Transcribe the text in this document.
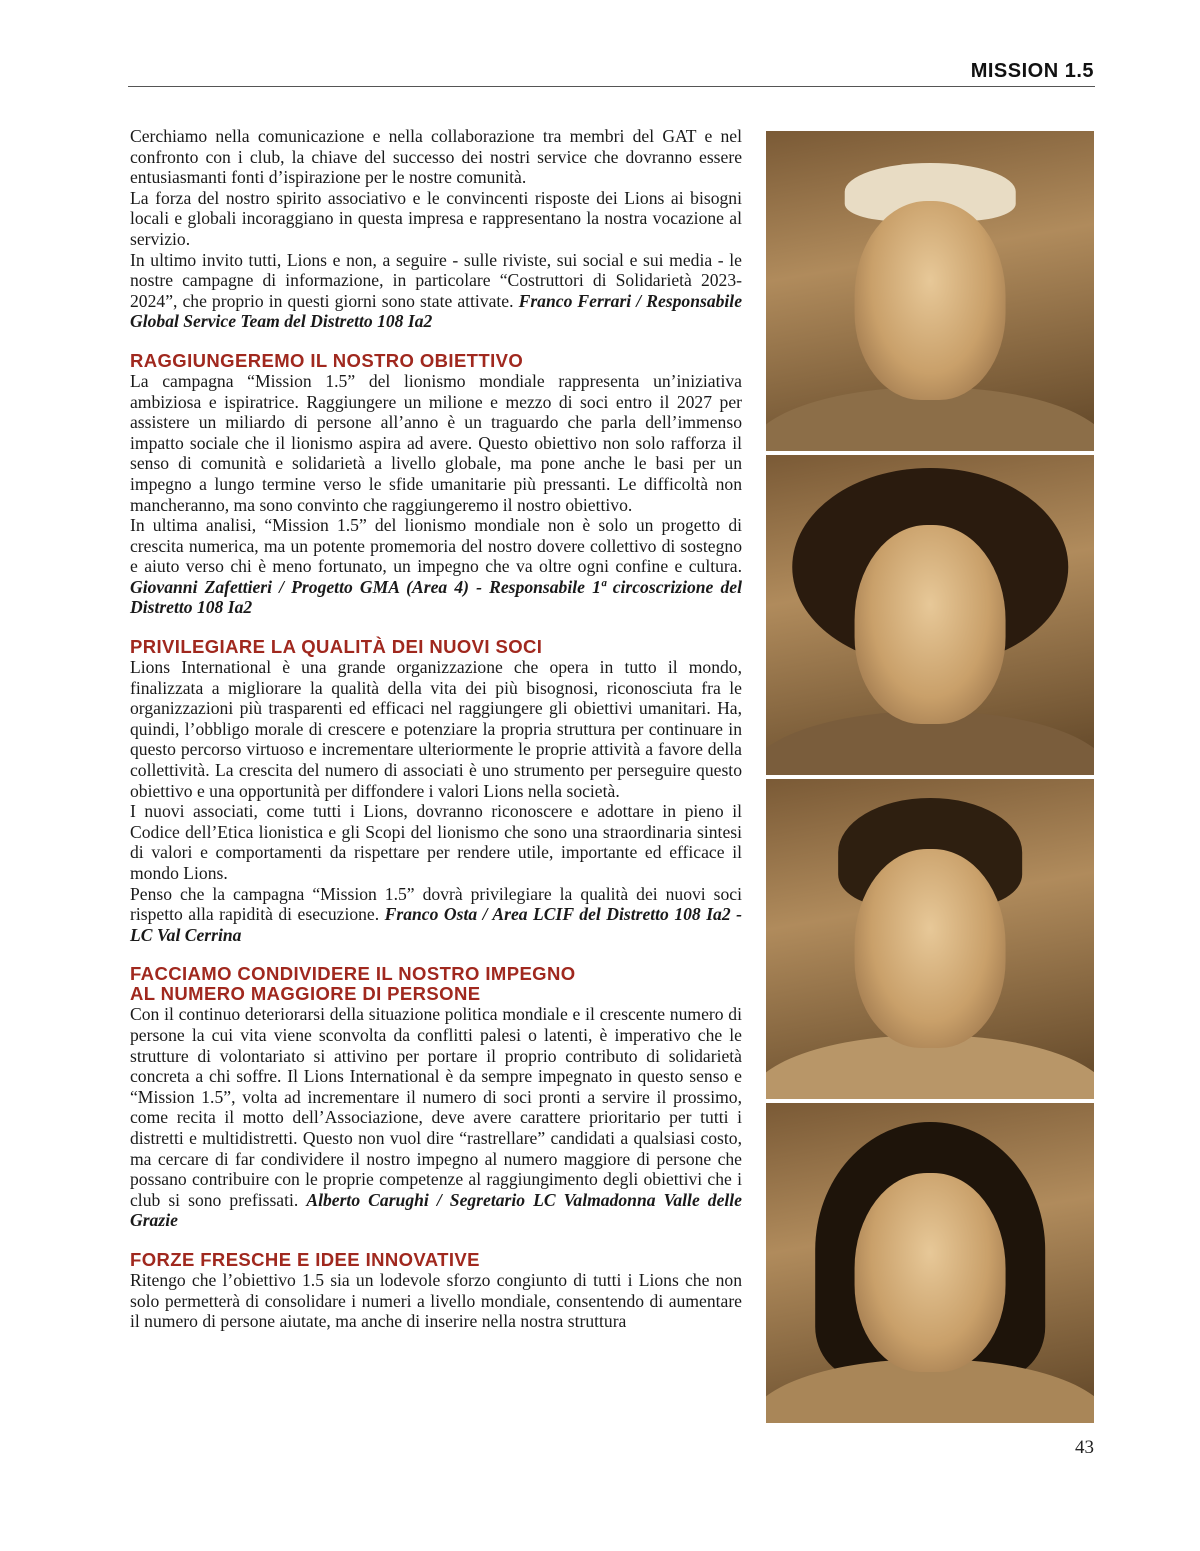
MISSION 1.5

Cerchiamo nella comunicazione e nella collaborazione tra membri del GAT e nel confronto con i club, la chiave del successo dei nostri service che dovranno essere entusiasmanti fonti d’ispirazione per le nostre comunità.

La forza del nostro spirito associativo e le convincenti risposte dei Lions ai bisogni locali e globali incoraggiano in questa impresa e rappresentano la nostra vocazione al servizio.

In ultimo invito tutti, Lions e non, a seguire - sulle riviste, sui social e sui media - le nostre campagne di informazione, in particolare “Costruttori di Solidarietà 2023-2024”, che proprio in questi giorni sono state attivate. Franco Ferrari / Responsabile Global Service Team del Distretto 108 Ia2

RAGGIUNGEREMO IL NOSTRO OBIETTIVO

La campagna “Mission 1.5” del lionismo mondiale rappresenta un’iniziativa ambiziosa e ispiratrice. Raggiungere un milione e mezzo di soci entro il 2027 per assistere un miliardo di persone all’anno è un traguardo che parla dell’immenso impatto sociale che il lionismo aspira ad avere. Questo obiettivo non solo rafforza il senso di comunità e solidarietà a livello globale, ma pone anche le basi per un impegno a lungo termine verso le sfide umanitarie più pressanti. Le difficoltà non mancheranno, ma sono convinto che raggiungeremo il nostro obiettivo.

In ultima analisi, “Mission 1.5” del lionismo mondiale non è solo un progetto di crescita numerica, ma un potente promemoria del nostro dovere collettivo di sostegno e aiuto verso chi è meno fortunato, un impegno che va oltre ogni confine e cultura. Giovanni Zafettieri / Progetto GMA (Area 4) - Responsabile 1ª circoscrizione del Distretto 108 Ia2

PRIVILEGIARE LA QUALITÀ DEI NUOVI SOCI

Lions International è una grande organizzazione che opera in tutto il mondo, finalizzata a migliorare la qualità della vita dei più bisognosi, riconosciuta fra le organizzazioni più trasparenti ed efficaci nel raggiungere gli obiettivi umanitari. Ha, quindi, l’obbligo morale di crescere e potenziare la propria struttura per continuare in questo percorso virtuoso e incrementare ulteriormente le proprie attività a favore della collettività. La crescita del numero di associati è uno strumento per perseguire questo obiettivo e una opportunità per diffondere i valori Lions nella società.

I nuovi associati, come tutti i Lions, dovranno riconoscere e adottare in pieno il Codice dell’Etica lionistica e gli Scopi del lionismo che sono una straordinaria sintesi di valori e comportamenti da rispettare per rendere utile, importante ed efficace il mondo Lions.

Penso che la campagna “Mission 1.5” dovrà privilegiare la qualità dei nuovi soci rispetto alla rapidità di esecuzione. Franco Osta / Area LCIF del Distretto 108 Ia2 - LC Val Cerrina

FACCIAMO CONDIVIDERE IL NOSTRO IMPEGNO
AL NUMERO MAGGIORE DI PERSONE

Con il continuo deteriorarsi della situazione politica mondiale e il crescente numero di persone la cui vita viene sconvolta da conflitti palesi o latenti, è imperativo che le strutture di volontariato si attivino per portare il proprio contributo di solidarietà concreta a chi soffre. Il Lions International è da sempre impegnato in questo senso e “Mission 1.5”, volta ad incrementare il numero di soci pronti a servire il prossimo, come recita il motto dell’Associazione, deve avere carattere prioritario per tutti i distretti e multidistretti. Questo non vuol dire “rastrellare” candidati a qualsiasi costo, ma cercare di far condividere il nostro impegno al numero maggiore di persone che possano contribuire con le proprie competenze al raggiungimento degli obiettivi che i club si sono prefissati. Alberto Carughi / Segretario LC Valmadonna Valle delle Grazie

FORZE FRESCHE E IDEE INNOVATIVE

Ritengo che l’obiettivo 1.5 sia un lodevole sforzo congiunto di tutti i Lions che non solo permetterà di consolidare i numeri a livello mondiale, consentendo di aumentare il numero di persone aiutate, ma anche di inserire nella nostra struttura

43
